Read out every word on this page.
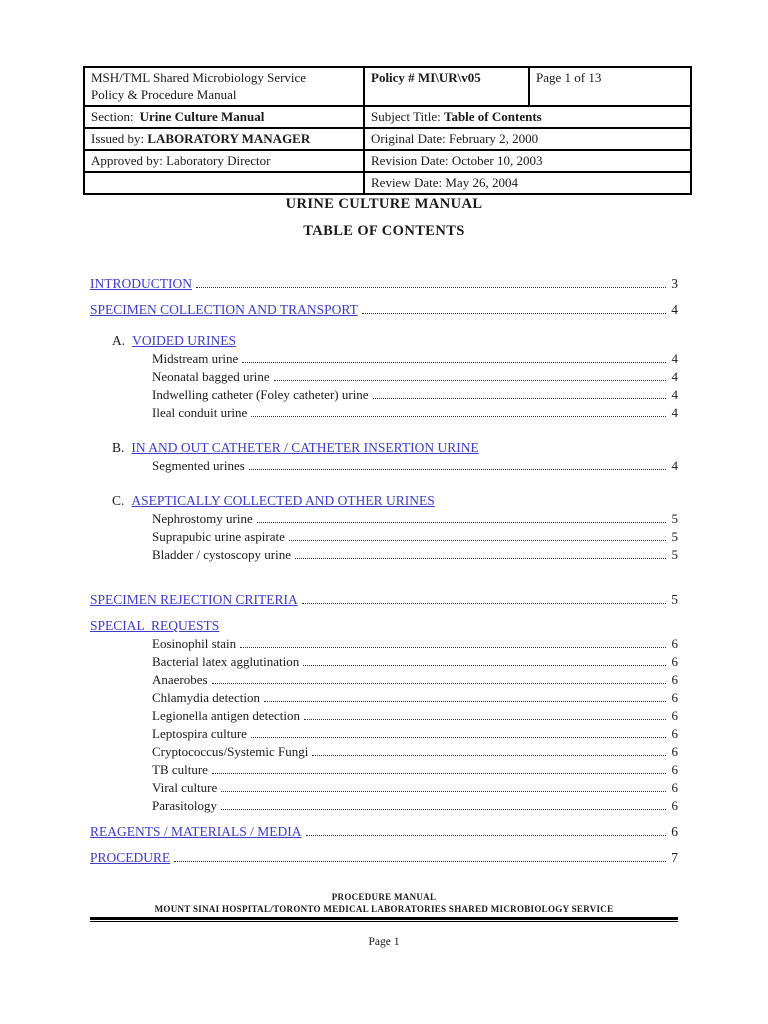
MSH/TML Shared Microbiology Service
Policy & Procedure Manual	Policy # MI\UR\v05	Page 1 of 13
Section: Urine Culture Manual	Subject Title: Table of Contents	
Issued by: LABORATORY MANAGER	Original Date: February 2, 2000	
Approved by: Laboratory Director	Revision Date: October 10, 2003	
	Review Date: May 26, 2004	
URINE CULTURE MANUAL
TABLE OF CONTENTS
INTRODUCTION	3
SPECIMEN COLLECTION AND TRANSPORT	4
A. VOIDED URINES
Midstream urine	4
Neonatal bagged urine	4
Indwelling catheter (Foley catheter) urine	4
Ileal conduit urine	4
B. IN AND OUT CATHETER / CATHETER INSERTION URINE
Segmented urines	4
C. ASEPTICALLY COLLECTED AND OTHER URINES
Nephrostomy urine	5
Suprapubic urine aspirate	5
Bladder / cystoscopy urine	5
SPECIMEN REJECTION CRITERIA	5
SPECIAL  REQUESTS
Eosinophil stain	6
Bacterial latex agglutination	6
Anaerobes	6
Chlamydia detection	6
Legionella antigen detection	6
Leptospira culture	6
Cryptococcus/Systemic Fungi	6
TB culture	6
Viral culture	6
Parasitology	6
REAGENTS / MATERIALS / MEDIA	6
PROCEDURE	7
PROCEDURE MANUAL
MOUNT SINAI HOSPITAL/TORONTO MEDICAL LABORATORIES SHARED MICROBIOLOGY SERVICE
Page 1
